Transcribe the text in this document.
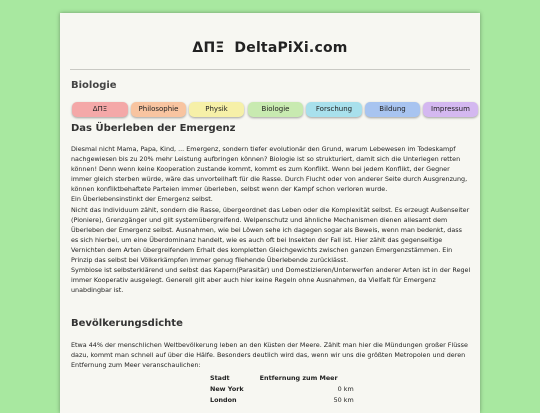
ΔΠΞ DeltaPiXi.com
Biologie
ΔΠΞ	Philosophie	Physik	Biologie	Forschung	Bildung	Impressum
Das Überleben der Emergenz

Diesmal nicht Mama, Papa, Kind, ... Emergenz, sondern tiefer evolutionär den Grund, warum Lebewesen im Todeskampf nachgewiesen bis zu 20% mehr Leistung aufbringen können? Biologie ist so strukturiert, damit sich die Unterlegen retten können! Denn wenn keine Kooperation zustande kommt, kommt es zum Konflikt. Wenn bei jedem Konflikt, der Gegner immer gleich sterben würde, wäre das unvorteilhaft für die Rasse. Durch Flucht oder von anderer Seite durch Ausgrenzung, können konfliktbehaftete Parteien immer überleben, selbst wenn der Kampf schon verloren wurde.

Ein Überlebensinstinkt der Emergenz selbst.

Nicht das Individuum zählt, sondern die Rasse, übergeordnet das Leben oder die Komplexität selbst. Es erzeugt Außenseiter (Pioniere), Grenzgänger und gilt systemübergreifend. Welpenschutz und ähnliche Mechanismen dienen allesamt dem Überleben der Emergenz selbst. Ausnahmen, wie bei Löwen sehe ich dagegen sogar als Beweis, wenn man bedenkt, dass es sich hierbei, um eine Überdominanz handelt, wie es auch oft bei Insekten der Fall ist. Hier zählt das gegenseitige Vernichten dem Arten übergreifendem Erhalt des kompletten Gleichgewichts zwischen ganzen Emergenzstämmen. Ein Prinzip das selbst bei Völkerkämpfen immer genug fliehende Überlebende zurücklässt.

Symbiose ist selbsterklärend und selbst das Kapern(Parasitär) und Domestizieren/Unterwerfen anderer Arten ist in der Regel immer Kooperativ ausgelegt. Generell gilt aber auch hier keine Regeln ohne Ausnahmen, da Vielfalt für Emergenz unabdingbar ist.

Bevölkerungsdichte

Etwa 44% der menschlichen Weltbevölkerung leben an den Küsten der Meere. Zählt man hier die Mündungen großer Flüsse dazu, kommt man schnell auf über die Hälfe. Besonders deutlich wird das, wenn wir uns die größten Metropolen und deren Entfernung zum Meer veranschaulichen:

Stadt	Entfernung zum Meer
New York	0 km
London	50 km
